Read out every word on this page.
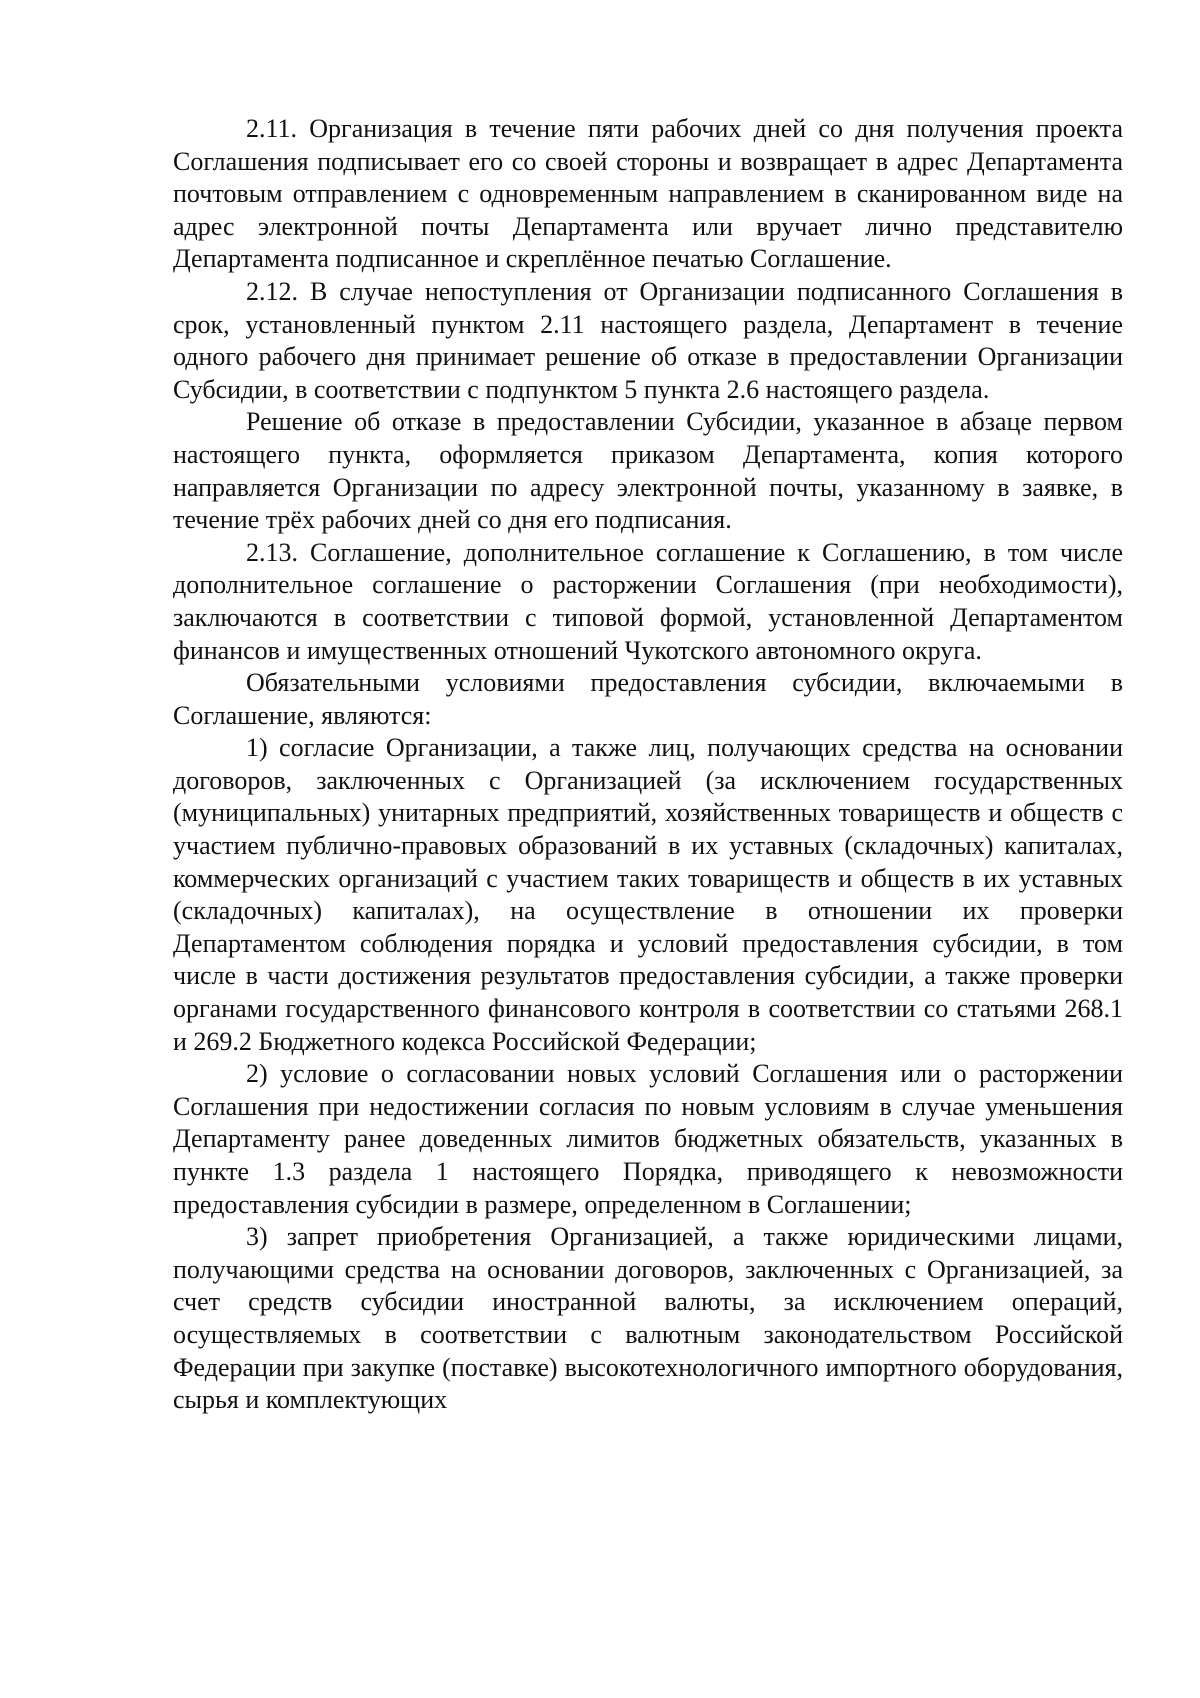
2.11. Организация в течение пяти рабочих дней со дня получения проекта Соглашения подписывает его со своей стороны и возвращает в адрес Департамента почтовым отправлением с одновременным направлением в сканированном виде на адрес электронной почты Департамента или вручает лично представителю Департамента подписанное и скреплённое печатью Соглашение.

2.12. В случае непоступления от Организации подписанного Соглашения в срок, установленный пунктом 2.11 настоящего раздела, Департамент в течение одного рабочего дня принимает решение об отказе в предоставлении Организации Субсидии, в соответствии с подпунктом 5 пункта 2.6 настоящего раздела.

Решение об отказе в предоставлении Субсидии, указанное в абзаце первом настоящего пункта, оформляется приказом Департамента, копия которого направляется Организации по адресу электронной почты, указанному в заявке, в течение трёх рабочих дней со дня его подписания.

2.13. Соглашение, дополнительное соглашение к Соглашению, в том числе дополнительное соглашение о расторжении Соглашения (при необходимости), заключаются в соответствии с типовой формой, установленной Департаментом финансов и имущественных отношений Чукотского автономного округа.

Обязательными условиями предоставления субсидии, включаемыми в Соглашение, являются:

1) согласие Организации, а также лиц, получающих средства на основании договоров, заключенных с Организацией (за исключением государственных (муниципальных) унитарных предприятий, хозяйственных товариществ и обществ с участием публично-правовых образований в их уставных (складочных) капиталах, коммерческих организаций с участием таких товариществ и обществ в их уставных (складочных) капиталах), на осуществление в отношении их проверки Департаментом соблюдения порядка и условий предоставления субсидии, в том числе в части достижения результатов предоставления субсидии, а также проверки органами государственного финансового контроля в соответствии со статьями 268.1 и 269.2 Бюджетного кодекса Российской Федерации;

2) условие о согласовании новых условий Соглашения или о расторжении Соглашения при недостижении согласия по новым условиям в случае уменьшения Департаменту ранее доведенных лимитов бюджетных обязательств, указанных в пункте 1.3 раздела 1 настоящего Порядка, приводящего к невозможности предоставления субсидии в размере, определенном в Соглашении;

3) запрет приобретения Организацией, а также юридическими лицами, получающими средства на основании договоров, заключенных с Организацией, за счет средств субсидии иностранной валюты, за исключением операций, осуществляемых в соответствии с валютным законодательством Российской Федерации при закупке (поставке) высокотехнологичного импортного оборудования, сырья и комплектующих
